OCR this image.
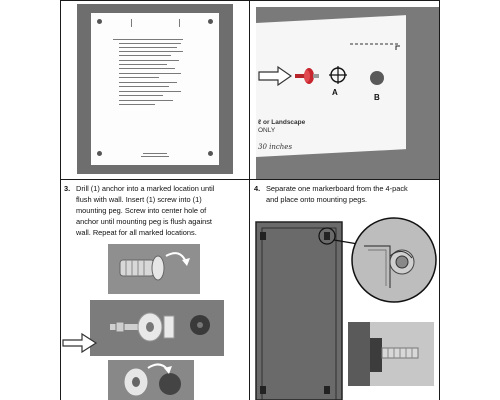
A
B
ℓ or Landscape
ONLY
30 inches
3. Drill (1) anchor into a marked location until
flush with wall. Insert (1) screw into (1)
mounting peg. Screw into center hole of
anchor until mounting peg is flush against
wall. Repeat for all marked locations.
4. Separate one markerboard from the 4-pack
and place onto mounting pegs.
